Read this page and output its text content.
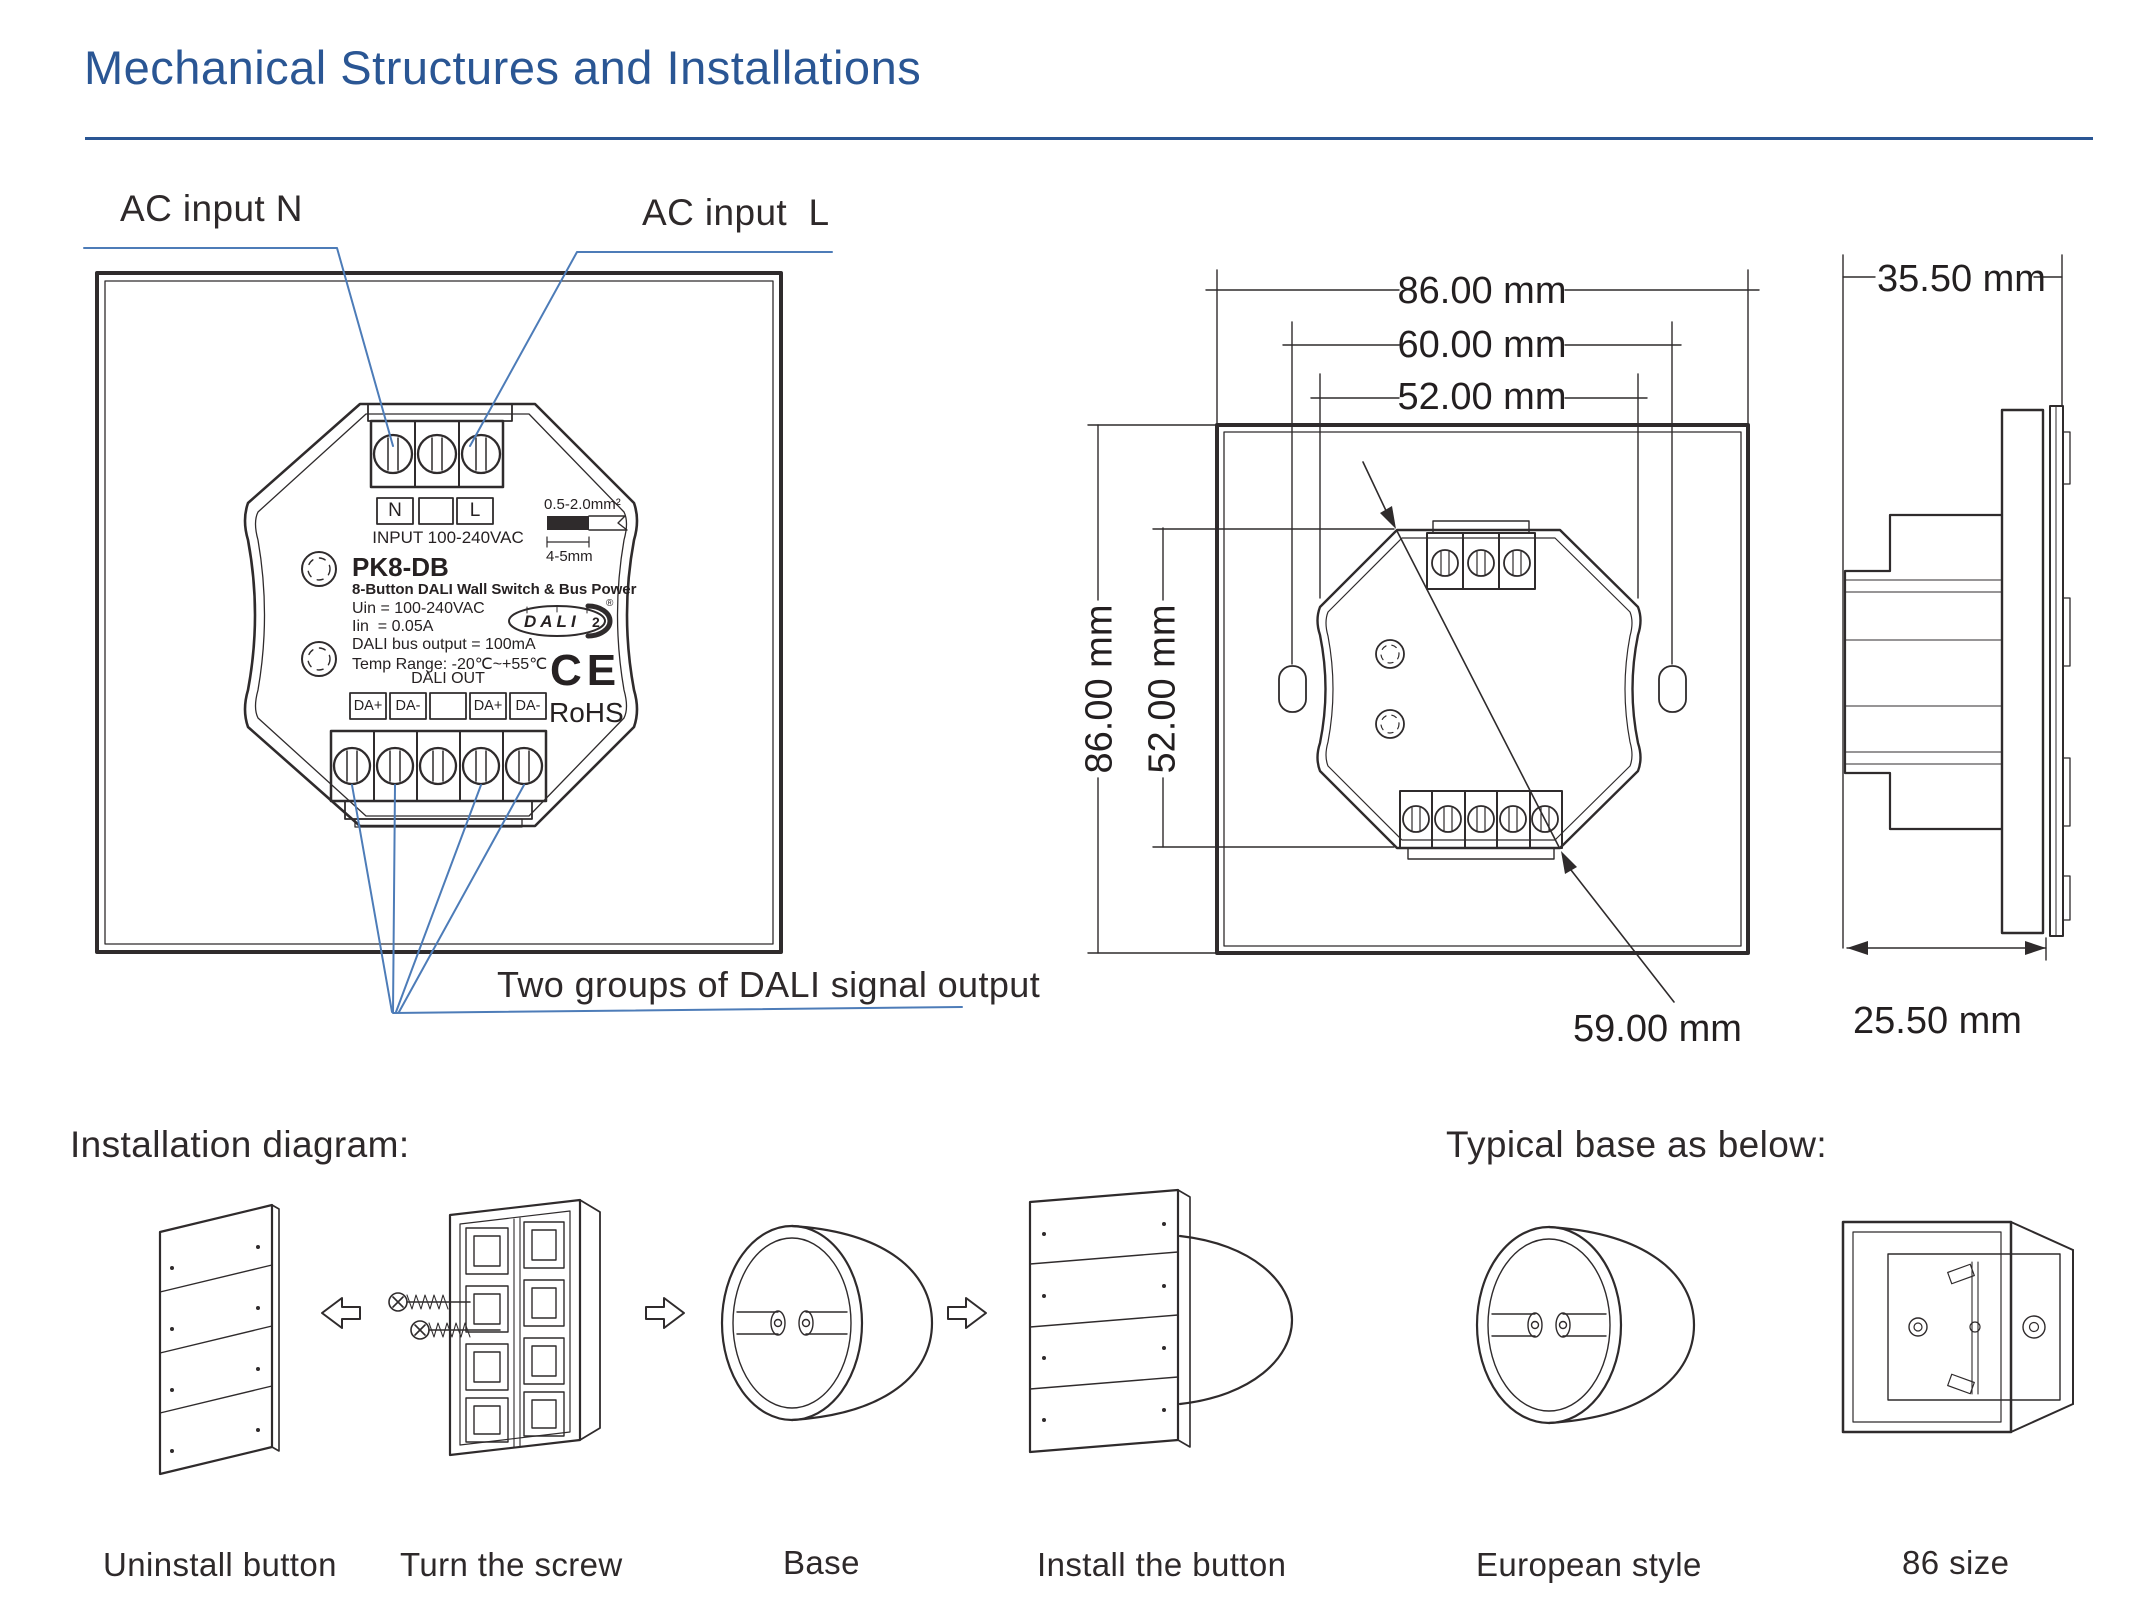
Mechanical Structures and Installations
AC input N	AC input  L
N	L
INPUT 100-240VAC
0.5-2.0mm²
4-5mm
PK8-DB
8-Button DALI Wall Switch & Bus Power
Uin = 100-240VAC
Iin  = 0.05A
DALI bus output = 100mA
Temp Range: -20℃~+55℃
DALI 2
®
CE
RoHS
DALI OUT
DA+ DA-	DA+ DA-
Two groups of DALI signal output
86.00 mm
60.00 mm
52.00 mm
86.00 mm 52.00 mm
59.00 mm
35.50 mm
25.50 mm
Installation diagram:	Typical base as below:
Uninstall button Turn the screw	Base	Install the button	European style	86 size
